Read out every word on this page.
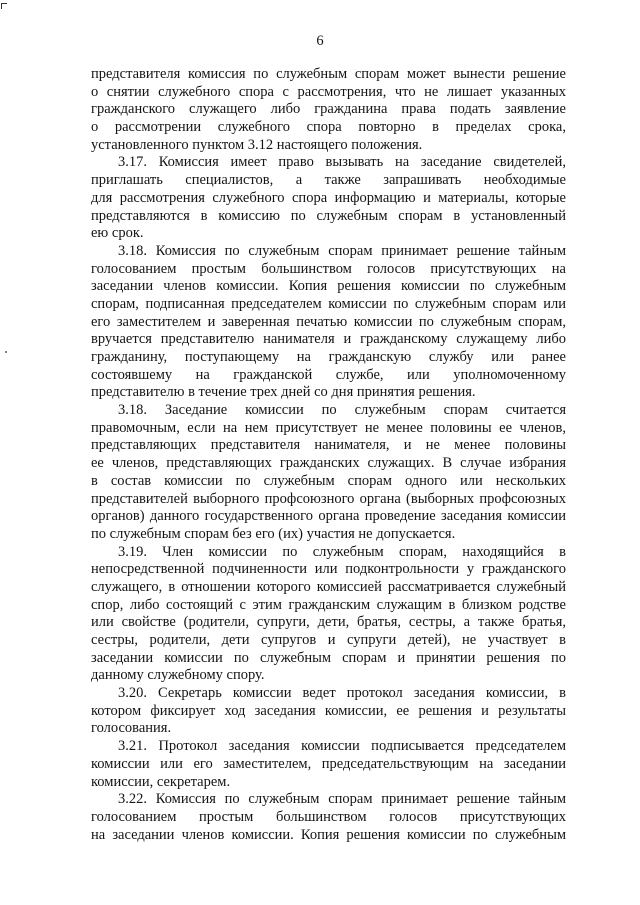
6
представителя комиссия по служебным спорам может вынести решение
о снятии служебного спора с рассмотрения, что не лишает указанных
гражданского служащего либо гражданина права подать заявление
о рассмотрении служебного спора повторно в пределах срока,
установленного пунктом 3.12 настоящего положения.
3.17. Комиссия имеет право вызывать на заседание свидетелей,
приглашать специалистов, а также запрашивать необходимые
для рассмотрения служебного спора информацию и материалы, которые
представляются в комиссию по служебным спорам в установленный
ею срок.
3.18. Комиссия по служебным спорам принимает решение тайным
голосованием простым большинством голосов присутствующих на
заседании членов комиссии. Копия решения комиссии по служебным
спорам, подписанная председателем комиссии по служебным спорам или
его заместителем и заверенная печатью комиссии по служебным спорам,
вручается представителю нанимателя и гражданскому служащему либо
гражданину, поступающему на гражданскую службу или ранее
состоявшему на гражданской службе, или уполномоченному
представителю в течение трех дней со дня принятия решения.
3.18. Заседание комиссии по служебным спорам считается
правомочным, если на нем присутствует не менее половины ее членов,
представляющих представителя нанимателя, и не менее половины
ее членов, представляющих гражданских служащих. В случае избрания
в состав комиссии по служебным спорам одного или нескольких
представителей выборного профсоюзного органа (выборных профсоюзных
органов) данного государственного органа проведение заседания комиссии
по служебным спорам без его (их) участия не допускается.
3.19. Член комиссии по служебным спорам, находящийся в
непосредственной подчиненности или подконтрольности у гражданского
служащего, в отношении которого комиссией рассматривается служебный
спор, либо состоящий с этим гражданским служащим в близком родстве
или свойстве (родители, супруги, дети, братья, сестры, а также братья,
сестры, родители, дети супругов и супруги детей), не участвует в
заседании комиссии по служебным спорам и принятии решения по
данному служебному спору.
3.20. Секретарь комиссии ведет протокол заседания комиссии, в
котором фиксирует ход заседания комиссии, ее решения и результаты
голосования.
3.21. Протокол заседания комиссии подписывается председателем
комиссии или его заместителем, председательствующим на заседании
комиссии, секретарем.
3.22. Комиссия по служебным спорам принимает решение тайным
голосованием простым большинством голосов присутствующих
на заседании членов комиссии. Копия решения комиссии по служебным
